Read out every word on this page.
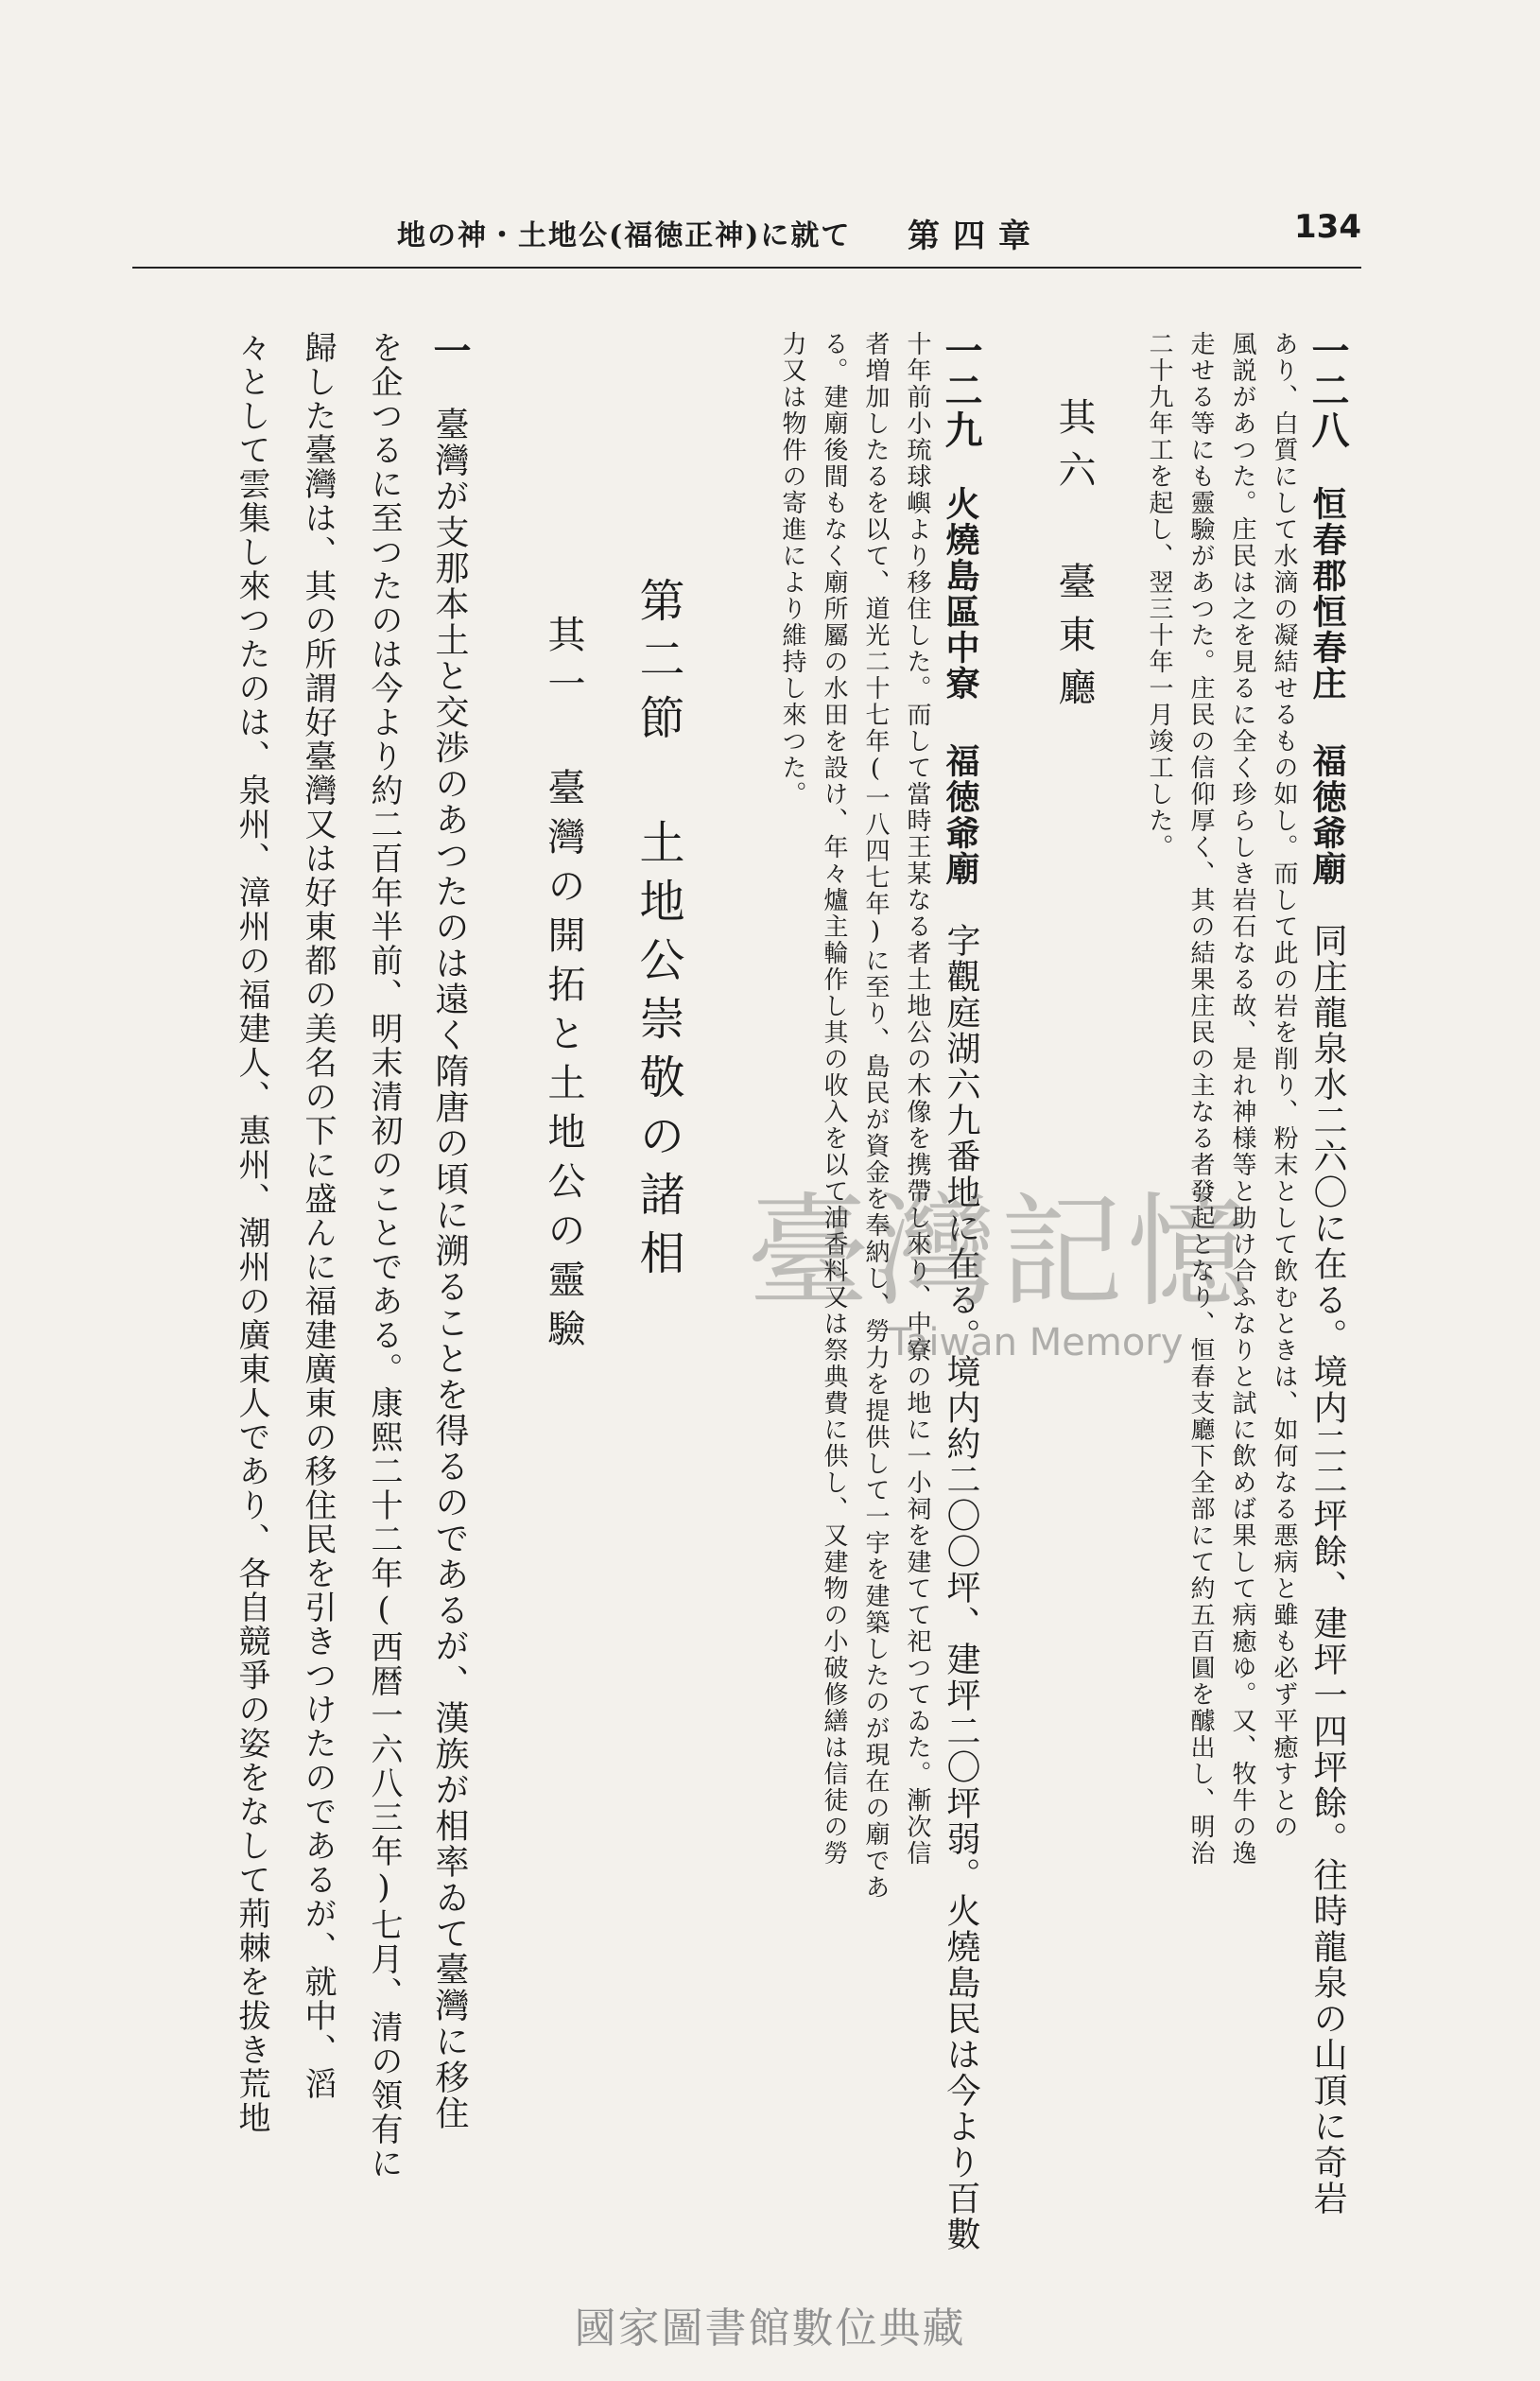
134
第四章
地の神・土地公(福徳正神)に就て
一二八　恒春郡恒春庄 福徳爺廟　同庄龍泉水二六〇に在る。境内二二坪餘、建坪一四坪餘。往時龍泉の山頂に奇岩
あり、白質にして水滴の凝結せるもの如し。而して此の岩を削り、粉末として飲むときは、如何なる悪病と雖も必ず平癒すとの
風説があつた。庄民は之を見るに全く珍らしき岩石なる故、是れ神様等と助け合ふなりと試に飲めば果して病癒ゆ。又、牧牛の逸
走せる等にも靈驗があつた。庄民の信仰厚く、其の結果庄民の主なる者發起となり、恒春支廳下全部にて約五百圓を醵出し、明治
二十九年工を起し、翌三十年一月竣工した。
其六 臺東廳
一二九　火燒島區中寮 福徳爺廟　字觀庭湖六九番地に在る。境内約二〇〇坪、建坪二〇坪弱。火燒島民は今より百數
十年前小琉球嶼より移住した。而して當時王某なる者土地公の木像を携帶し來り、中寮の地に一小祠を建てて祀つてゐた。漸次信
者増加したるを以て、道光二十七年(一八四七年)に至り、島民が資金を奉納し、勞力を提供して一宇を建築したのが現在の廟であ
る。建廟後間もなく廟所屬の水田を設け、年々爐主輪作し其の收入を以て油香料又は祭典費に供し、又建物の小破修繕は信徒の勞
力又は物件の寄進により維持し來つた。
第二節 土地公崇敬の諸相
其一 臺灣の開拓と土地公の靈驗
一　臺灣が支那本土と交渉のあつたのは遠く隋唐の頃に溯ることを得るのであるが、漢族が相率ゐて臺灣に移住
を企つるに至つたのは今より約二百年半前、明末清初のことである。康熙二十二年(西暦一六八三年)七月、清の領有に
歸した臺灣は、其の所謂好臺灣又は好東都の美名の下に盛んに福建廣東の移住民を引きつけたのであるが、就中、滔
々として雲集し來つたのは、泉州、漳州の福建人、惠州、潮州の廣東人であり、各自競爭の姿をなして荊棘を拔き荒地	臺灣記憶
Taiwan Memory
國家圖書館數位典藏
